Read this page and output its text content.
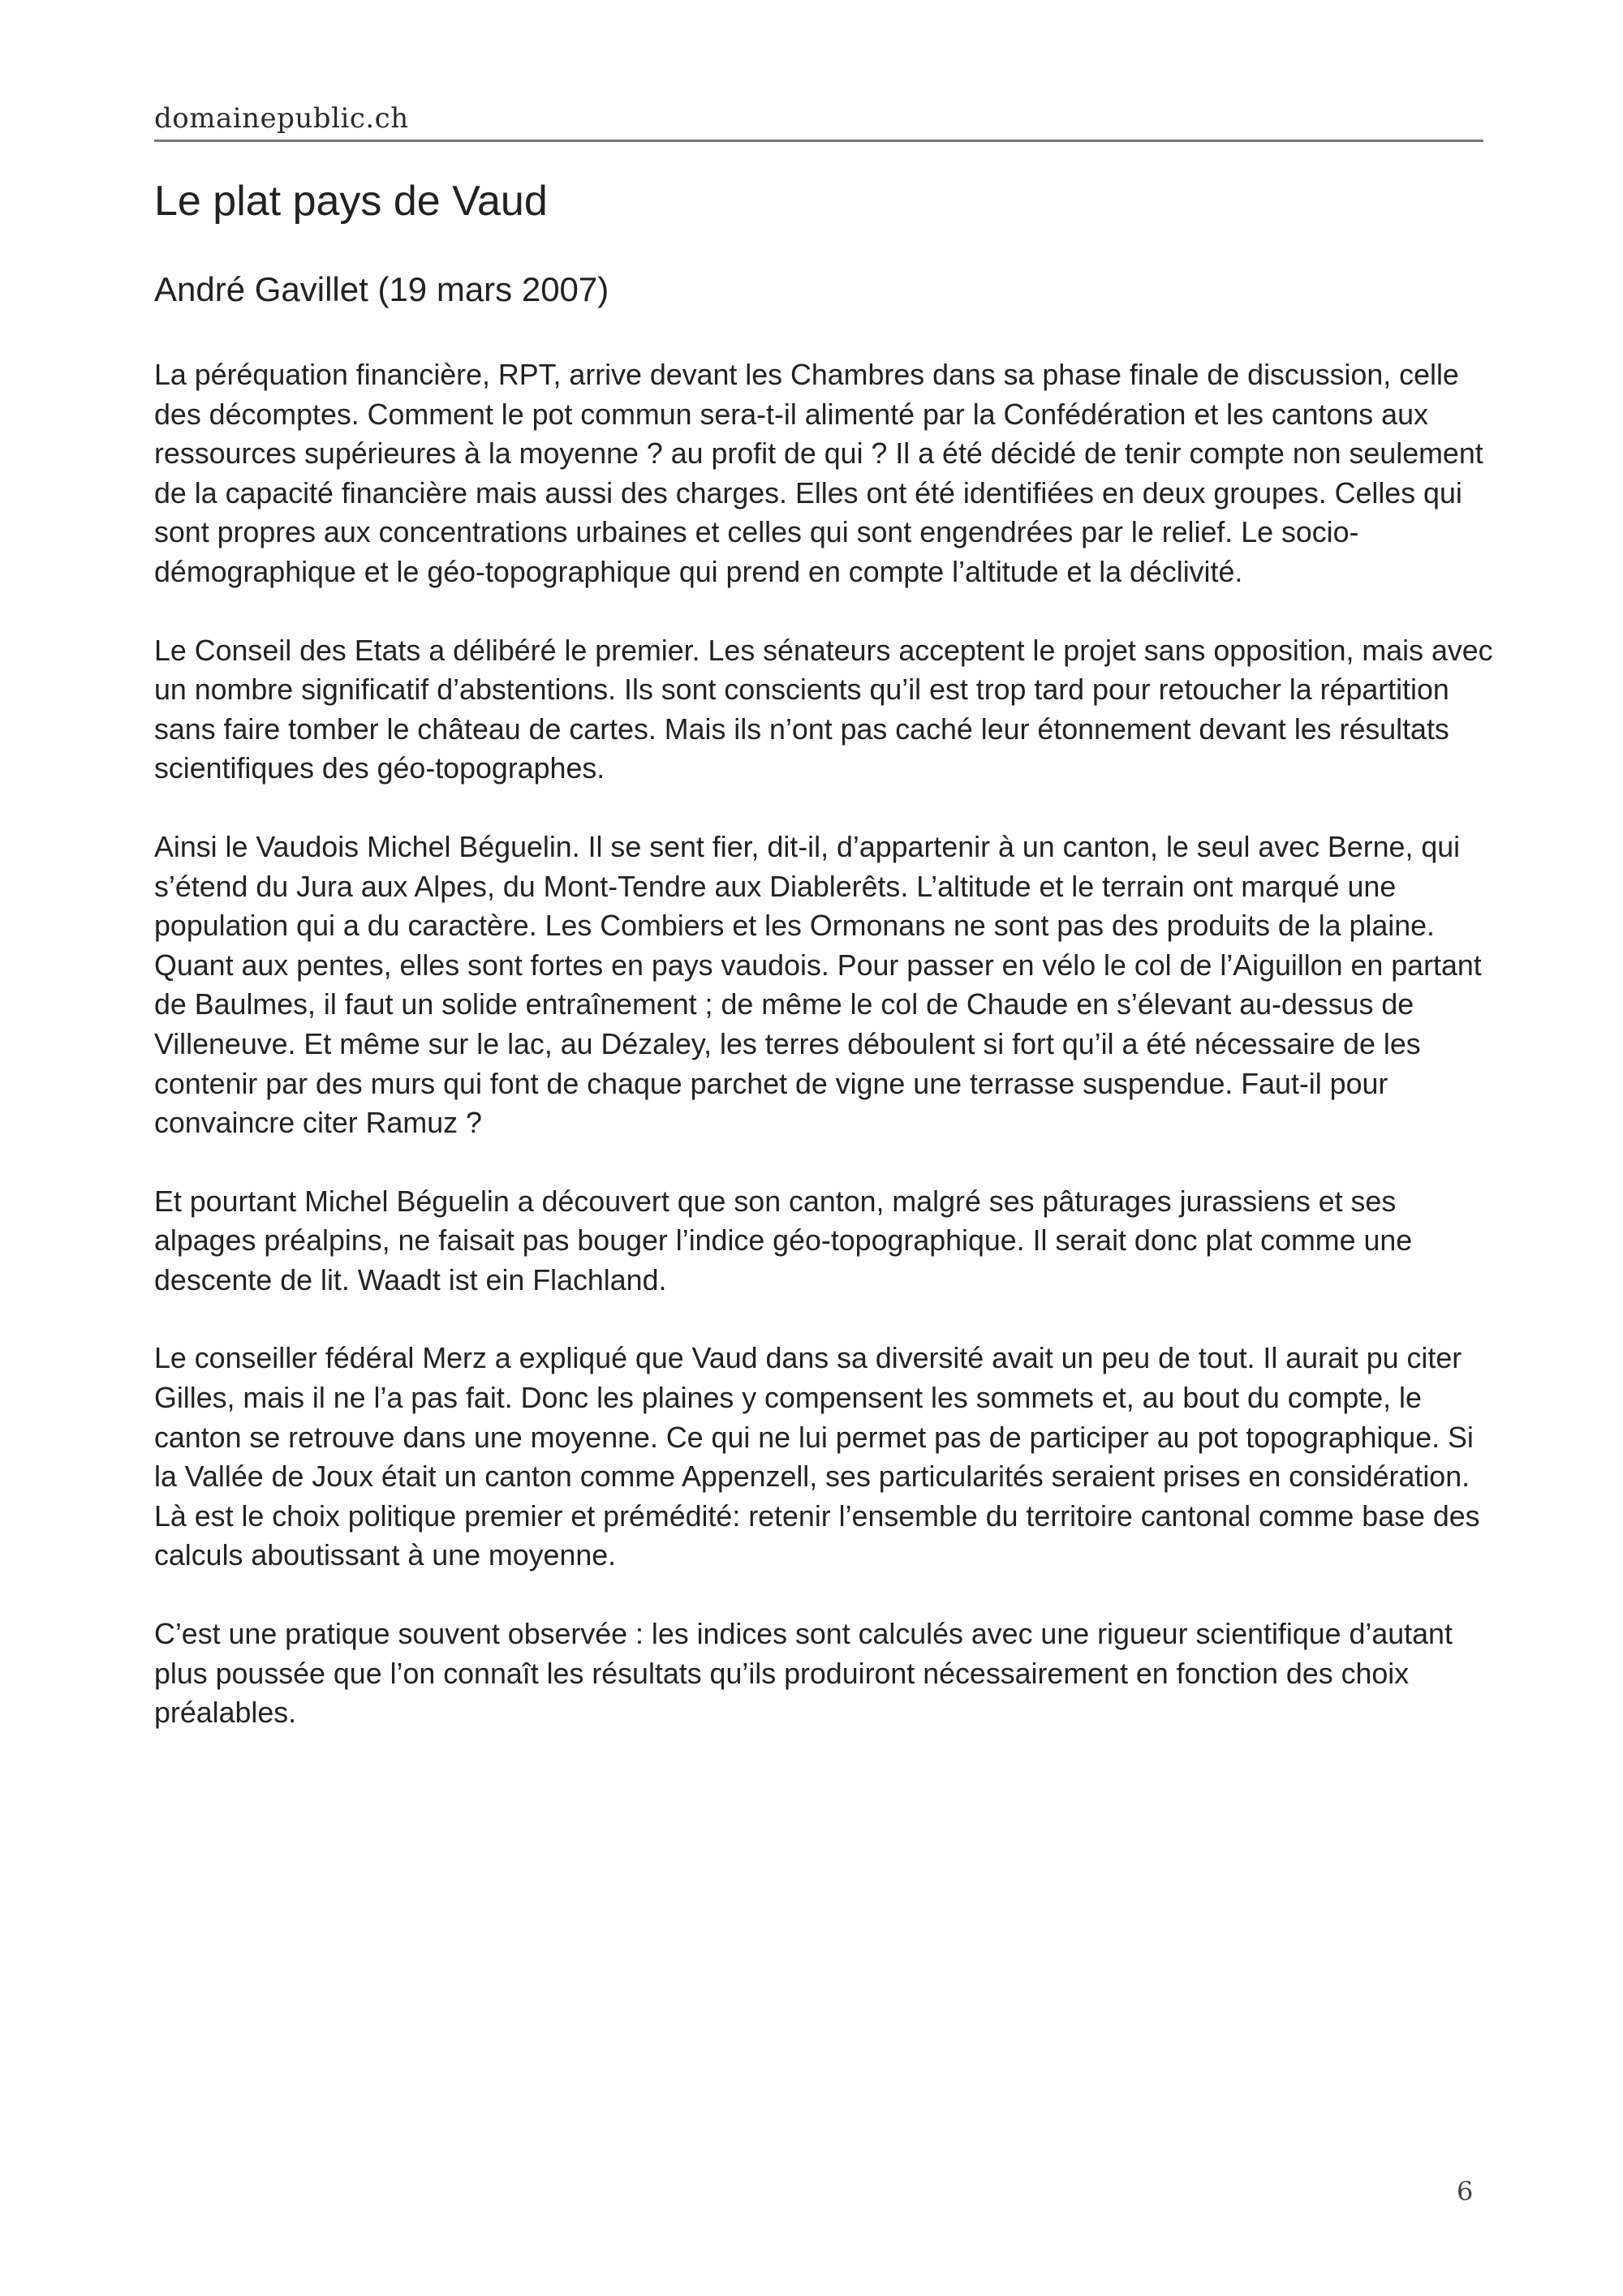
domainepublic.ch
Le plat pays de Vaud
André Gavillet (19 mars 2007)

La péréquation financière, RPT, arrive devant les Chambres dans sa phase finale de discussion, celle des décomptes. Comment le pot commun sera-t-il alimenté par la Confédération et les cantons aux ressources supérieures à la moyenne ? au profit de qui ? Il a été décidé de tenir compte non seulement de la capacité financière mais aussi des charges. Elles ont été identifiées en deux groupes. Celles qui sont propres aux concentrations urbaines et celles qui sont engendrées par le relief. Le socio-démographique et le géo-topographique qui prend en compte l’altitude et la déclivité.

Le Conseil des Etats a délibéré le premier. Les sénateurs acceptent le projet sans opposition, mais avec un nombre significatif d’abstentions. Ils sont conscients qu’il est trop tard pour retoucher la répartition sans faire tomber le château de cartes. Mais ils n’ont pas caché leur étonnement devant les résultats scientifiques des géo-topographes.

Ainsi le Vaudois Michel Béguelin. Il se sent fier, dit-il, d’appartenir à un canton, le seul avec Berne, qui s’étend du Jura aux Alpes, du Mont-Tendre aux Diablerêts. L’altitude et le terrain ont marqué une population qui a du caractère. Les Combiers et les Ormonans ne sont pas des produits de la plaine. Quant aux pentes, elles sont fortes en pays vaudois. Pour passer en vélo le col de l’Aiguillon en partant de Baulmes, il faut un solide entraînement ; de même le col de Chaude en s’élevant au-dessus de Villeneuve. Et même sur le lac, au Dézaley, les terres déboulent si fort qu’il a été nécessaire de les contenir par des murs qui font de chaque parchet de vigne une terrasse suspendue. Faut-il pour convaincre citer Ramuz ?

Et pourtant Michel Béguelin a découvert que son canton, malgré ses pâturages jurassiens et ses alpages préalpins, ne faisait pas bouger l’indice géo-topographique. Il serait donc plat comme une descente de lit. Waadt ist ein Flachland.

Le conseiller fédéral Merz a expliqué que Vaud dans sa diversité avait un peu de tout. Il aurait pu citer Gilles, mais il ne l’a pas fait. Donc les plaines y compensent les sommets et, au bout du compte, le canton se retrouve dans une moyenne. Ce qui ne lui permet pas de participer au pot topographique. Si la Vallée de Joux était un canton comme Appenzell, ses particularités seraient prises en considération. Là est le choix politique premier et prémédité: retenir l’ensemble du territoire cantonal comme base des calculs aboutissant à une moyenne.

C’est une pratique souvent observée : les indices sont calculés avec une rigueur scientifique d’autant plus poussée que l’on connaît les résultats qu’ils produiront nécessairement en fonction des choix préalables.

6
